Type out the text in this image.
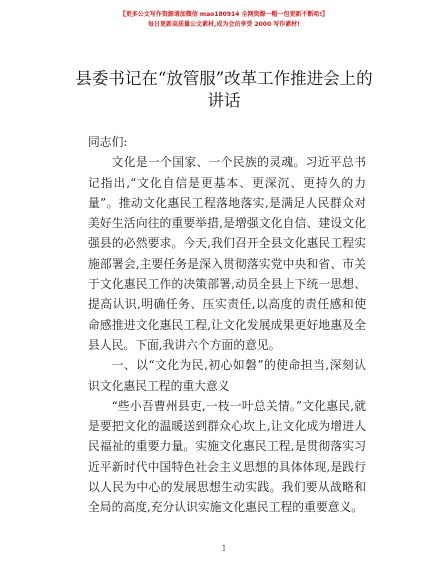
【更多公文写作资源请加微信 mao180914 全网资源一帽一包更新不断哈!】
每日更新高质量公文素材,成为会员享受 2000 写作素材!
县委书记在“放管服”改革工作推进会上的讲话

同志们:

文化是一个国家、一个民族的灵魂。习近平总书记指出,“文化自信是更基本、更深沉、更持久的力量”。推动文化惠民工程落地落实,是满足人民群众对美好生活向往的重要举措,是增强文化自信、建设文化强县的必然要求。今天,我们召开全县文化惠民工程实施部署会,主要任务是深入贯彻落实党中央和省、市关于文化惠民工作的决策部署,动员全县上下统一思想、提高认识,明确任务、压实责任,以高度的责任感和使命感推进文化惠民工程,让文化发展成果更好地惠及全县人民。下面,我讲六个方面的意见。

一、以“文化为民,初心如磐”的使命担当,深刻认识文化惠民工程的重大意义

“些小吾曹州县吏,一枝一叶总关情。”文化惠民,就是要把文化的温暖送到群众心坎上,让文化成为增进人民福祉的重要力量。实施文化惠民工程,是贯彻落实习近平新时代中国特色社会主义思想的具体体现,是践行以人民为中心的发展思想生动实践。我们要从战略和全局的高度,充分认识实施文化惠民工程的重要意义。

1
